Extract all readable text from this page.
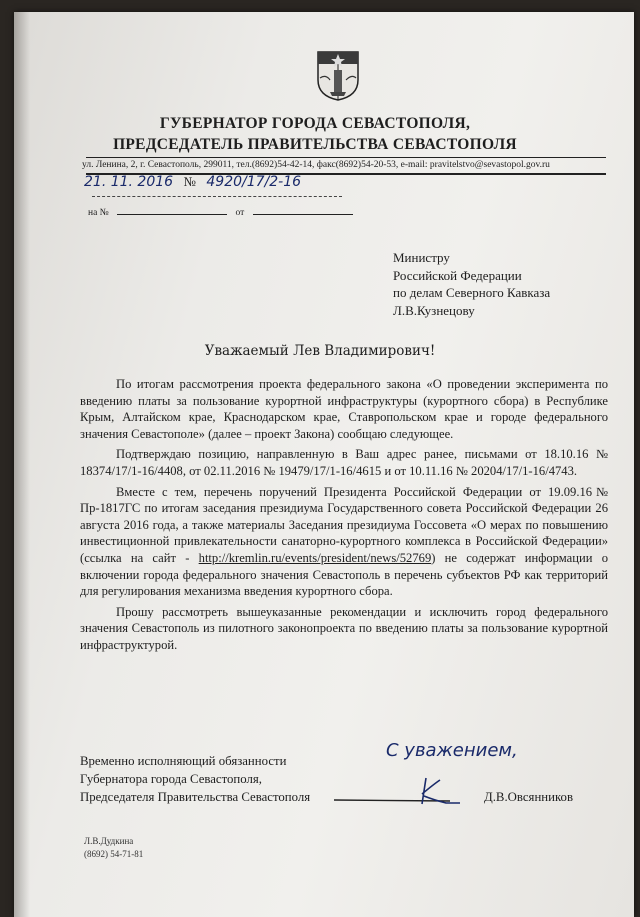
ГУБЕРНАТОР ГОРОДА СЕВАСТОПОЛЯ,
ПРЕДСЕДАТЕЛЬ ПРАВИТЕЛЬСТВА СЕВАСТОПОЛЯ
ул. Ленина, 2, г. Севастополь, 299011, тел.(8692)54-42-14, факс(8692)54-20-53, e-mail: pravitelstvo@sevastopol.gov.ru
21. 11. 2016 № 4920/17/2-16
на №	от
Министру
Российской Федерации
по делам Северного Кавказа
Л.В.Кузнецову
Уважаемый Лев Владимирович!

По итогам рассмотрения проекта федерального закона «О проведении эксперимента по введению платы за пользование курортной инфраструктуры (курортного сбора) в Республике Крым, Алтайском крае, Краснодарском крае, Ставропольском крае и городе федерального значения Севастополе» (далее – проект Закона) сообщаю следующее.

Подтверждаю позицию, направленную в Ваш адрес ранее, письмами от 18.10.16 № 18374/17/1-16/4408, от 02.11.2016 № 19479/17/1-16/4615 и от 10.11.16 № 20204/17/1-16/4743.

Вместе с тем, перечень поручений Президента Российской Федерации от 19.09.16№ Пр-1817ГС по итогам заседания президиума Государственного совета Российской Федерации 26 августа 2016 года, а также материалы Заседания президиума Госсовета «О мерах по повышению инвестиционной привлекательности санаторно-курортного комплекса в Российской Федерации» (ссылка на сайт - http://kremlin.ru/events/president/news/52769) не содержат информации о включении города федерального значения Севастополь в перечень субъектов РФ как территорий для регулирования механизма введения курортного сбора.

Прошу рассмотреть вышеуказанные рекомендации и исключить город федерального значения Севастополь из пилотного законопроекта по введению платы за пользование курортной инфраструктурой.

С уважением,
Временно исполняющий обязанности
Губернатора города Севастополя,
Председателя Правительства Севастополя	Д.В.Овсянников
Л.В.Дудкина
(8692) 54-71-81
